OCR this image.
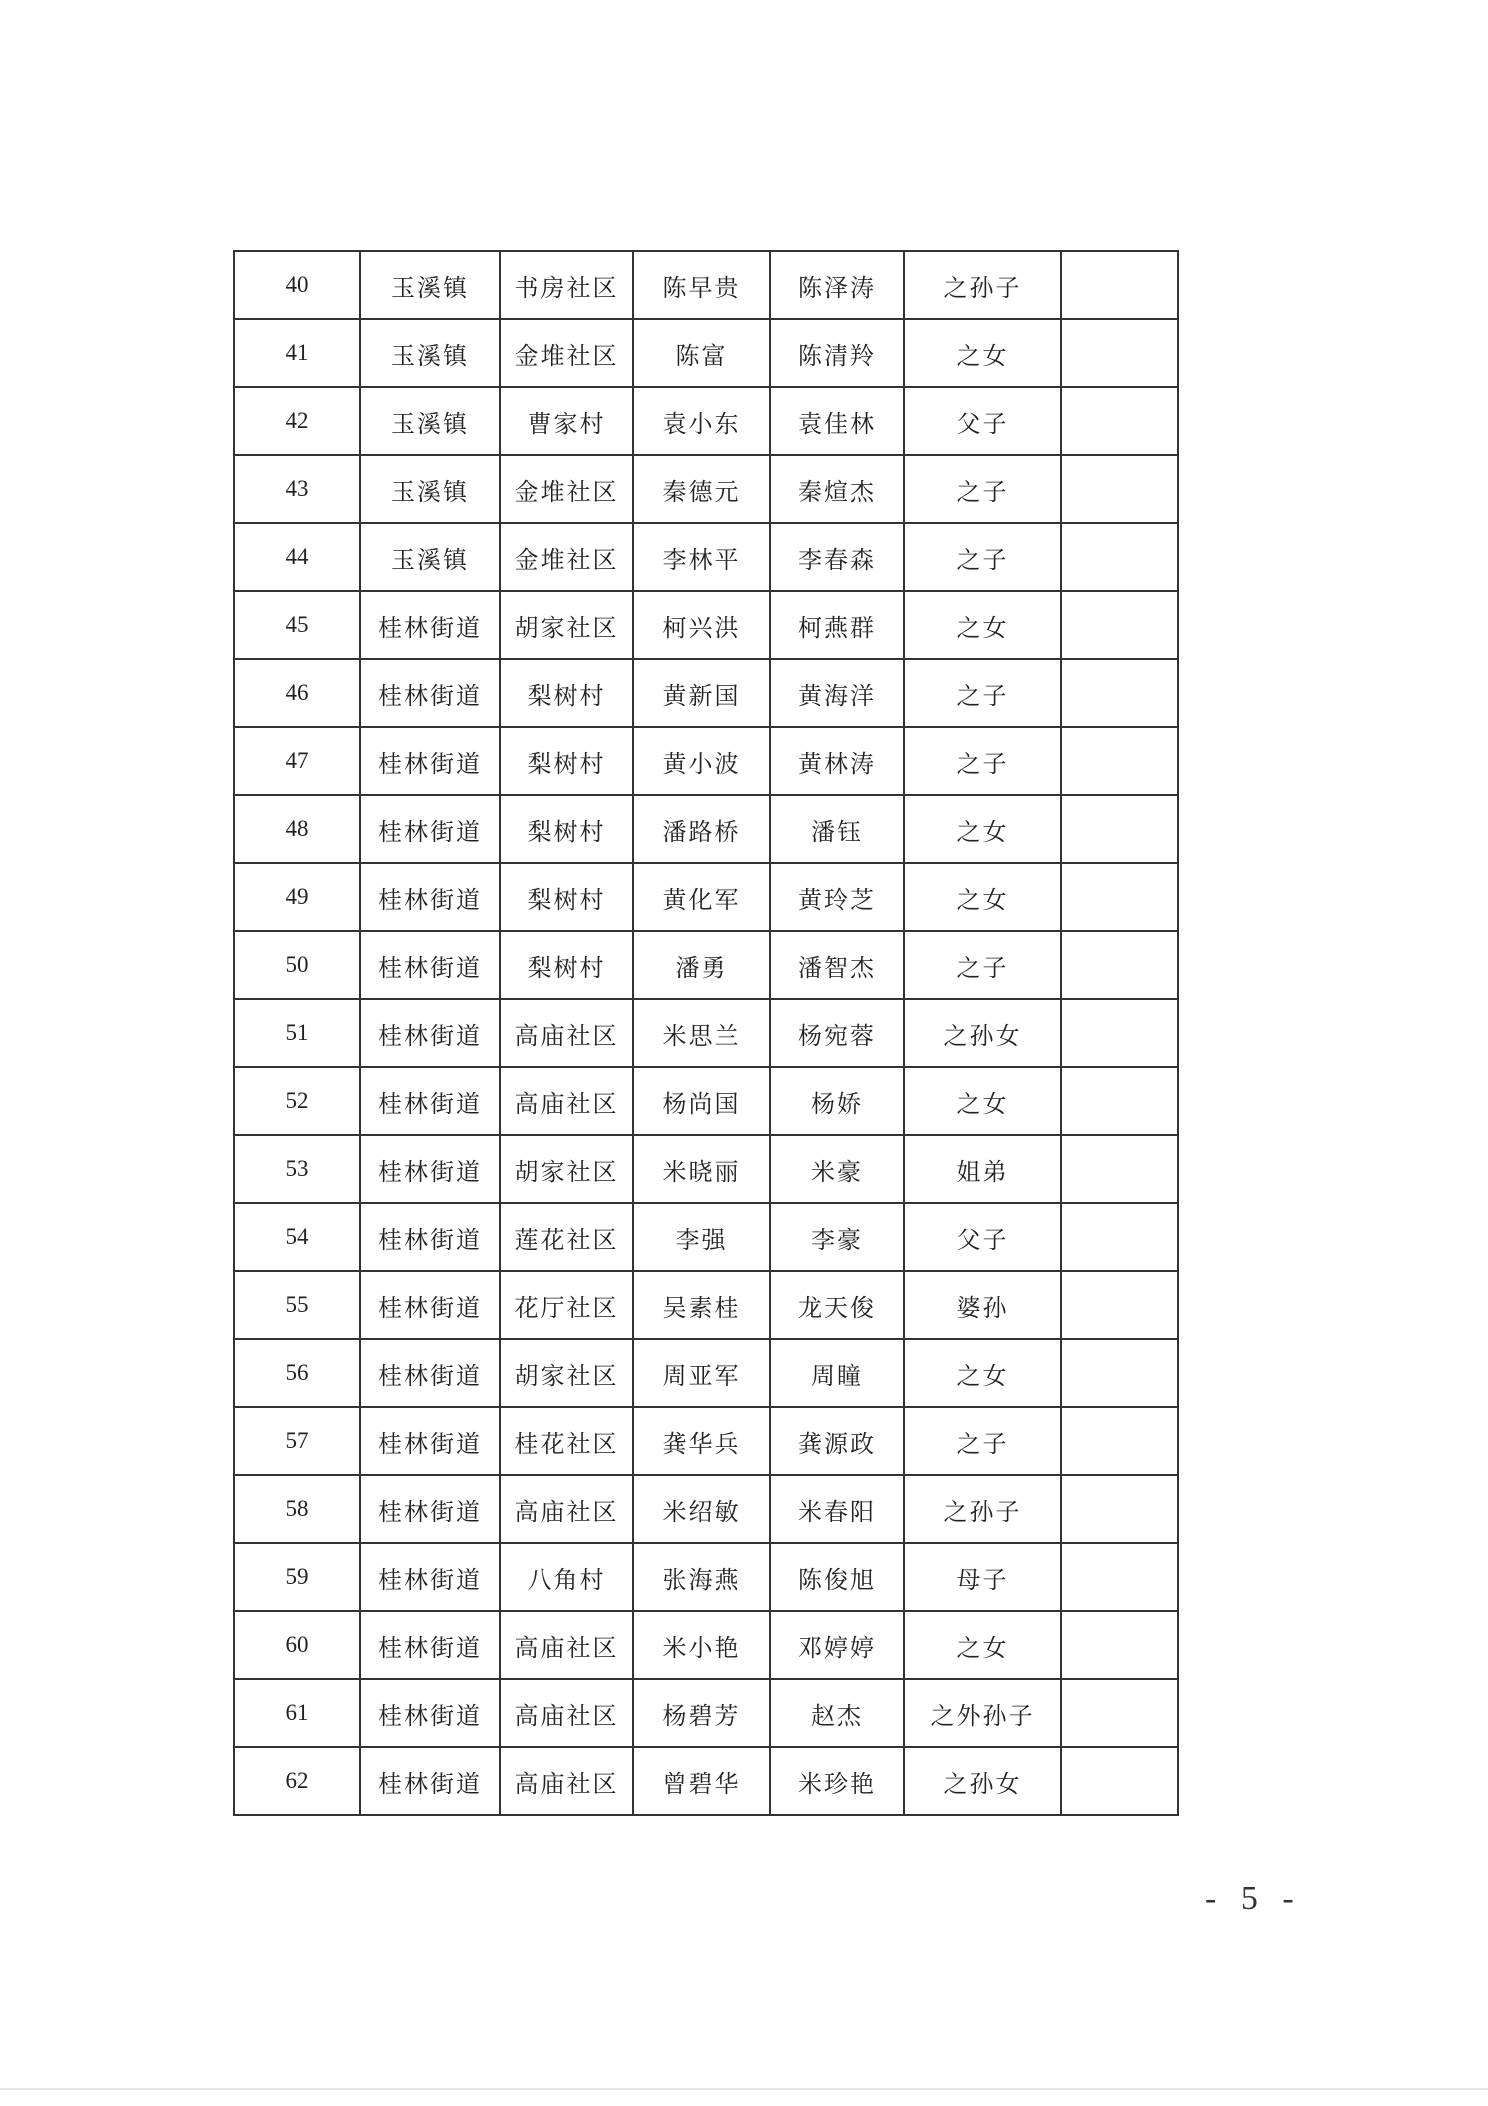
40	玉溪镇	书房社区	陈早贵	陈泽涛	之孙子	
41	玉溪镇	金堆社区	陈富	陈清羚	之女	
42	玉溪镇	曹家村	袁小东	袁佳林	父子	
43	玉溪镇	金堆社区	秦德元	秦煊杰	之子	
44	玉溪镇	金堆社区	李林平	李春森	之子	
45	桂林街道	胡家社区	柯兴洪	柯燕群	之女	
46	桂林街道	梨树村	黄新国	黄海洋	之子	
47	桂林街道	梨树村	黄小波	黄林涛	之子	
48	桂林街道	梨树村	潘路桥	潘钰	之女	
49	桂林街道	梨树村	黄化军	黄玲芝	之女	
50	桂林街道	梨树村	潘勇	潘智杰	之子	
51	桂林街道	高庙社区	米思兰	杨宛蓉	之孙女	
52	桂林街道	高庙社区	杨尚国	杨娇	之女	
53	桂林街道	胡家社区	米晓丽	米豪	姐弟	
54	桂林街道	莲花社区	李强	李豪	父子	
55	桂林街道	花厅社区	吴素桂	龙天俊	婆孙	
56	桂林街道	胡家社区	周亚军	周瞳	之女	
57	桂林街道	桂花社区	龚华兵	龚源政	之子	
58	桂林街道	高庙社区	米绍敏	米春阳	之孙子	
59	桂林街道	八角村	张海燕	陈俊旭	母子	
60	桂林街道	高庙社区	米小艳	邓婷婷	之女	
61	桂林街道	高庙社区	杨碧芳	赵杰	之外孙子	
62	桂林街道	高庙社区	曾碧华	米珍艳	之孙女	
- 5 -
